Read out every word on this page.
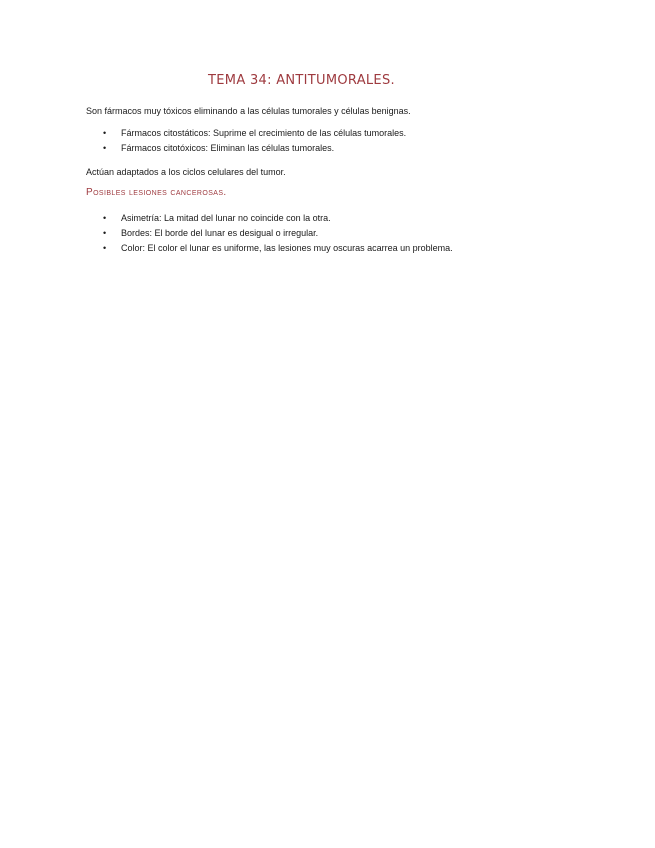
TEMA 34: ANTITUMORALES.

Son fármacos muy tóxicos eliminando a las células tumorales y células benignas.

• Fármacos citostáticos: Suprime el crecimiento de las células tumorales.
• Fármacos citotóxicos: Eliminan las células tumorales.

Actúan adaptados a los ciclos celulares del tumor.

Posibles lesiones cancerosas.
• Asimetría: La mitad del lunar no coincide con la otra.
• Bordes: El borde del lunar es desigual o irregular.
• Color: El color el lunar es uniforme, las lesiones muy oscuras acarrea un problema.
